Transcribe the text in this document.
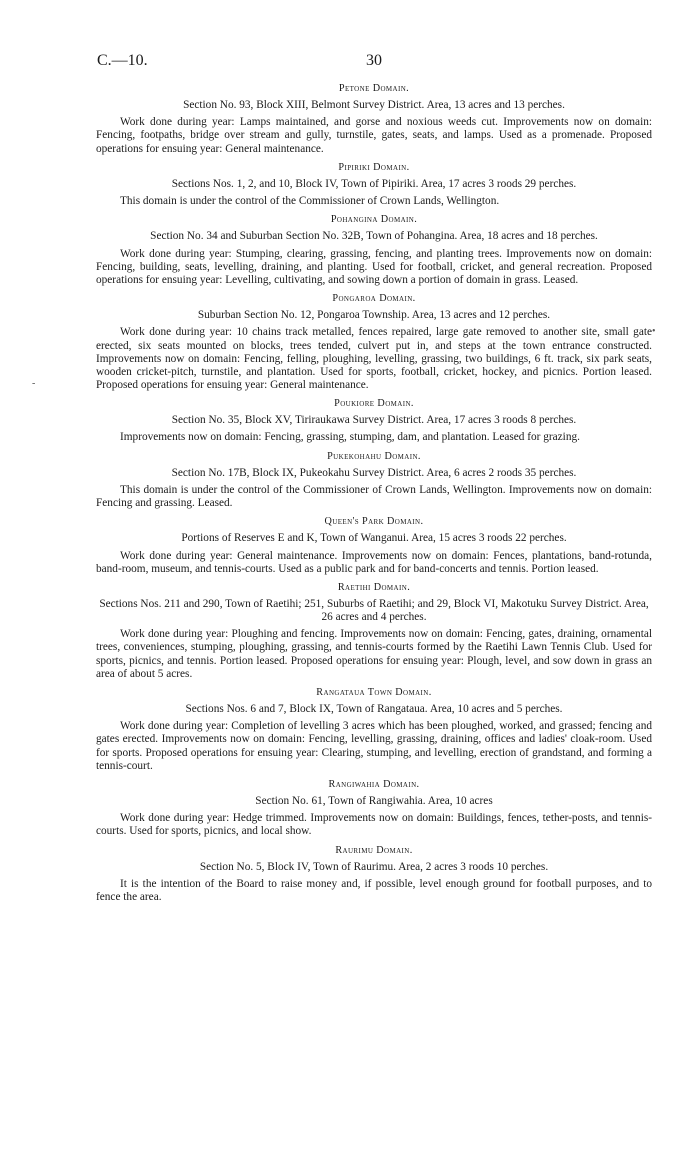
C.—10.	30
-
•
Petone Domain.
Section No. 93, Block XIII, Belmont Survey District. Area, 13 acres and 13 perches.
Work done during year: Lamps maintained, and gorse and noxious weeds cut. Improvements now on domain: Fencing, footpaths, bridge over stream and gully, turnstile, gates, seats, and lamps. Used as a promenade. Proposed operations for ensuing year: General maintenance.
Pipiriki Domain.
Sections Nos. 1, 2, and 10, Block IV, Town of Pipiriki. Area, 17 acres 3 roods 29 perches.
This domain is under the control of the Commissioner of Crown Lands, Wellington.
Pohangina Domain.
Section No. 34 and Suburban Section No. 32B, Town of Pohangina. Area, 18 acres and 18 perches.
Work done during year: Stumping, clearing, grassing, fencing, and planting trees. Improvements now on domain: Fencing, building, seats, levelling, draining, and planting. Used for football, cricket, and general recreation. Proposed operations for ensuing year: Levelling, cultivating, and sowing down a portion of domain in grass. Leased.
Pongaroa Domain.
Suburban Section No. 12, Pongaroa Township. Area, 13 acres and 12 perches.
Work done during year: 10 chains track metalled, fences repaired, large gate removed to another site, small gate erected, six seats mounted on blocks, trees tended, culvert put in, and steps at the town entrance constructed. Improvements now on domain: Fencing, felling, ploughing, levelling, grassing, two buildings, 6 ft. track, six park seats, wooden cricket-pitch, turnstile, and plantation. Used for sports, football, cricket, hockey, and picnics. Portion leased. Proposed operations for ensuing year: General maintenance.
Poukiore Domain.
Section No. 35, Block XV, Tiriraukawa Survey District. Area, 17 acres 3 roods 8 perches.
Improvements now on domain: Fencing, grassing, stumping, dam, and plantation. Leased for grazing.
Pukekohahu Domain.
Section No. 17B, Block IX, Pukeokahu Survey District. Area, 6 acres 2 roods 35 perches.
This domain is under the control of the Commissioner of Crown Lands, Wellington. Improvements now on domain: Fencing and grassing. Leased.
Queen's Park Domain.
Portions of Reserves E and K, Town of Wanganui. Area, 15 acres 3 roods 22 perches.
Work done during year: General maintenance. Improvements now on domain: Fences, plantations, band-rotunda, band-room, museum, and tennis-courts. Used as a public park and for band-concerts and tennis. Portion leased.
Raetihi Domain.
Sections Nos. 211 and 290, Town of Raetihi; 251, Suburbs of Raetihi; and 29, Block VI, Makotuku Survey District. Area, 26 acres and 4 perches.
Work done during year: Ploughing and fencing. Improvements now on domain: Fencing, gates, draining, ornamental trees, conveniences, stumping, ploughing, grassing, and tennis-courts formed by the Raetihi Lawn Tennis Club. Used for sports, picnics, and tennis. Portion leased. Proposed operations for ensuing year: Plough, level, and sow down in grass an area of about 5 acres.
Rangataua Town Domain.
Sections Nos. 6 and 7, Block IX, Town of Rangataua. Area, 10 acres and 5 perches.
Work done during year: Completion of levelling 3 acres which has been ploughed, worked, and grassed; fencing and gates erected. Improvements now on domain: Fencing, levelling, grassing, draining, offices and ladies' cloak-room. Used for sports. Proposed operations for ensuing year: Clearing, stumping, and levelling, erection of grandstand, and forming a tennis-court.
Rangiwahia Domain.
Section No. 61, Town of Rangiwahia. Area, 10 acres
Work done during year: Hedge trimmed. Improvements now on domain: Buildings, fences, tether-posts, and tennis-courts. Used for sports, picnics, and local show.
Raurimu Domain.
Section No. 5, Block IV, Town of Raurimu. Area, 2 acres 3 roods 10 perches.
It is the intention of the Board to raise money and, if possible, level enough ground for football purposes, and to fence the area.
